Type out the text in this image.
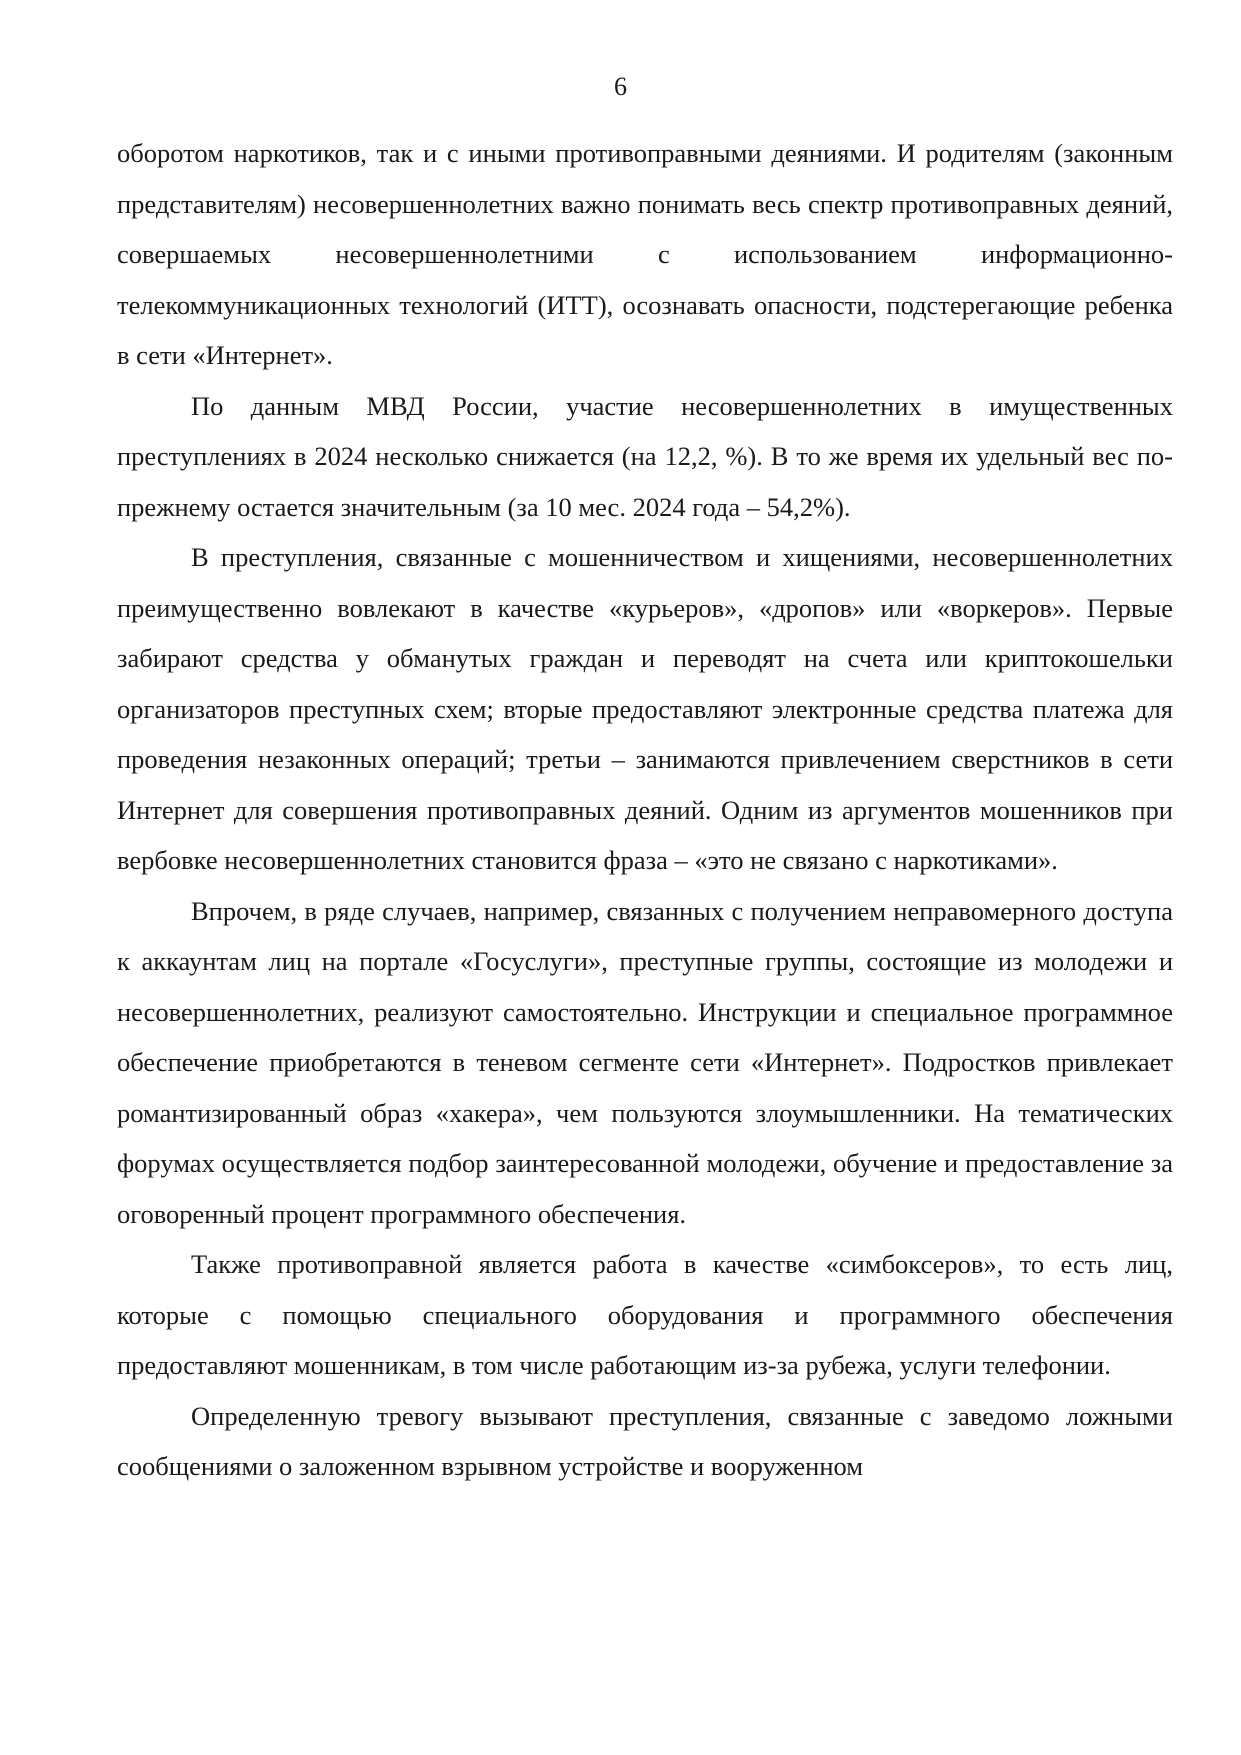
6

оборотом наркотиков, так и с иными противоправными деяниями. И родителям (законным представителям) несовершеннолетних важно понимать весь спектр противоправных деяний, совершаемых несовершеннолетними с использованием информационно-телекоммуникационных технологий (ИТТ), осознавать опасности, подстерегающие ребенка в сети «Интернет».

По данным МВД России, участие несовершеннолетних в имущественных преступлениях в 2024 несколько снижается (на 12,2, %). В то же время их удельный вес по-прежнему остается значительным (за 10 мес. 2024 года – 54,2%).

В преступления, связанные с мошенничеством и хищениями, несовершеннолетних преимущественно вовлекают в качестве «курьеров», «дропов» или «воркеров». Первые забирают средства у обманутых граждан и переводят на счета или криптокошельки организаторов преступных схем; вторые предоставляют электронные средства платежа для проведения незаконных операций; третьи – занимаются привлечением сверстников в сети Интернет для совершения противоправных деяний. Одним из аргументов мошенников при вербовке несовершеннолетних становится фраза – «это не связано с наркотиками».

Впрочем, в ряде случаев, например, связанных с получением неправомерного доступа к аккаунтам лиц на портале «Госуслуги», преступные группы, состоящие из молодежи и несовершеннолетних, реализуют самостоятельно. Инструкции и специальное программное обеспечение приобретаются в теневом сегменте сети «Интернет». Подростков привлекает романтизированный образ «хакера», чем пользуются злоумышленники. На тематических форумах осуществляется подбор заинтересованной молодежи, обучение и предоставление за оговоренный процент программного обеспечения.

Также противоправной является работа в качестве «симбоксеров», то есть лиц, которые с помощью специального оборудования и программного обеспечения предоставляют мошенникам, в том числе работающим из-за рубежа, услуги телефонии.

Определенную тревогу вызывают преступления, связанные с заведомо ложными сообщениями о заложенном взрывном устройстве и вооруженном
